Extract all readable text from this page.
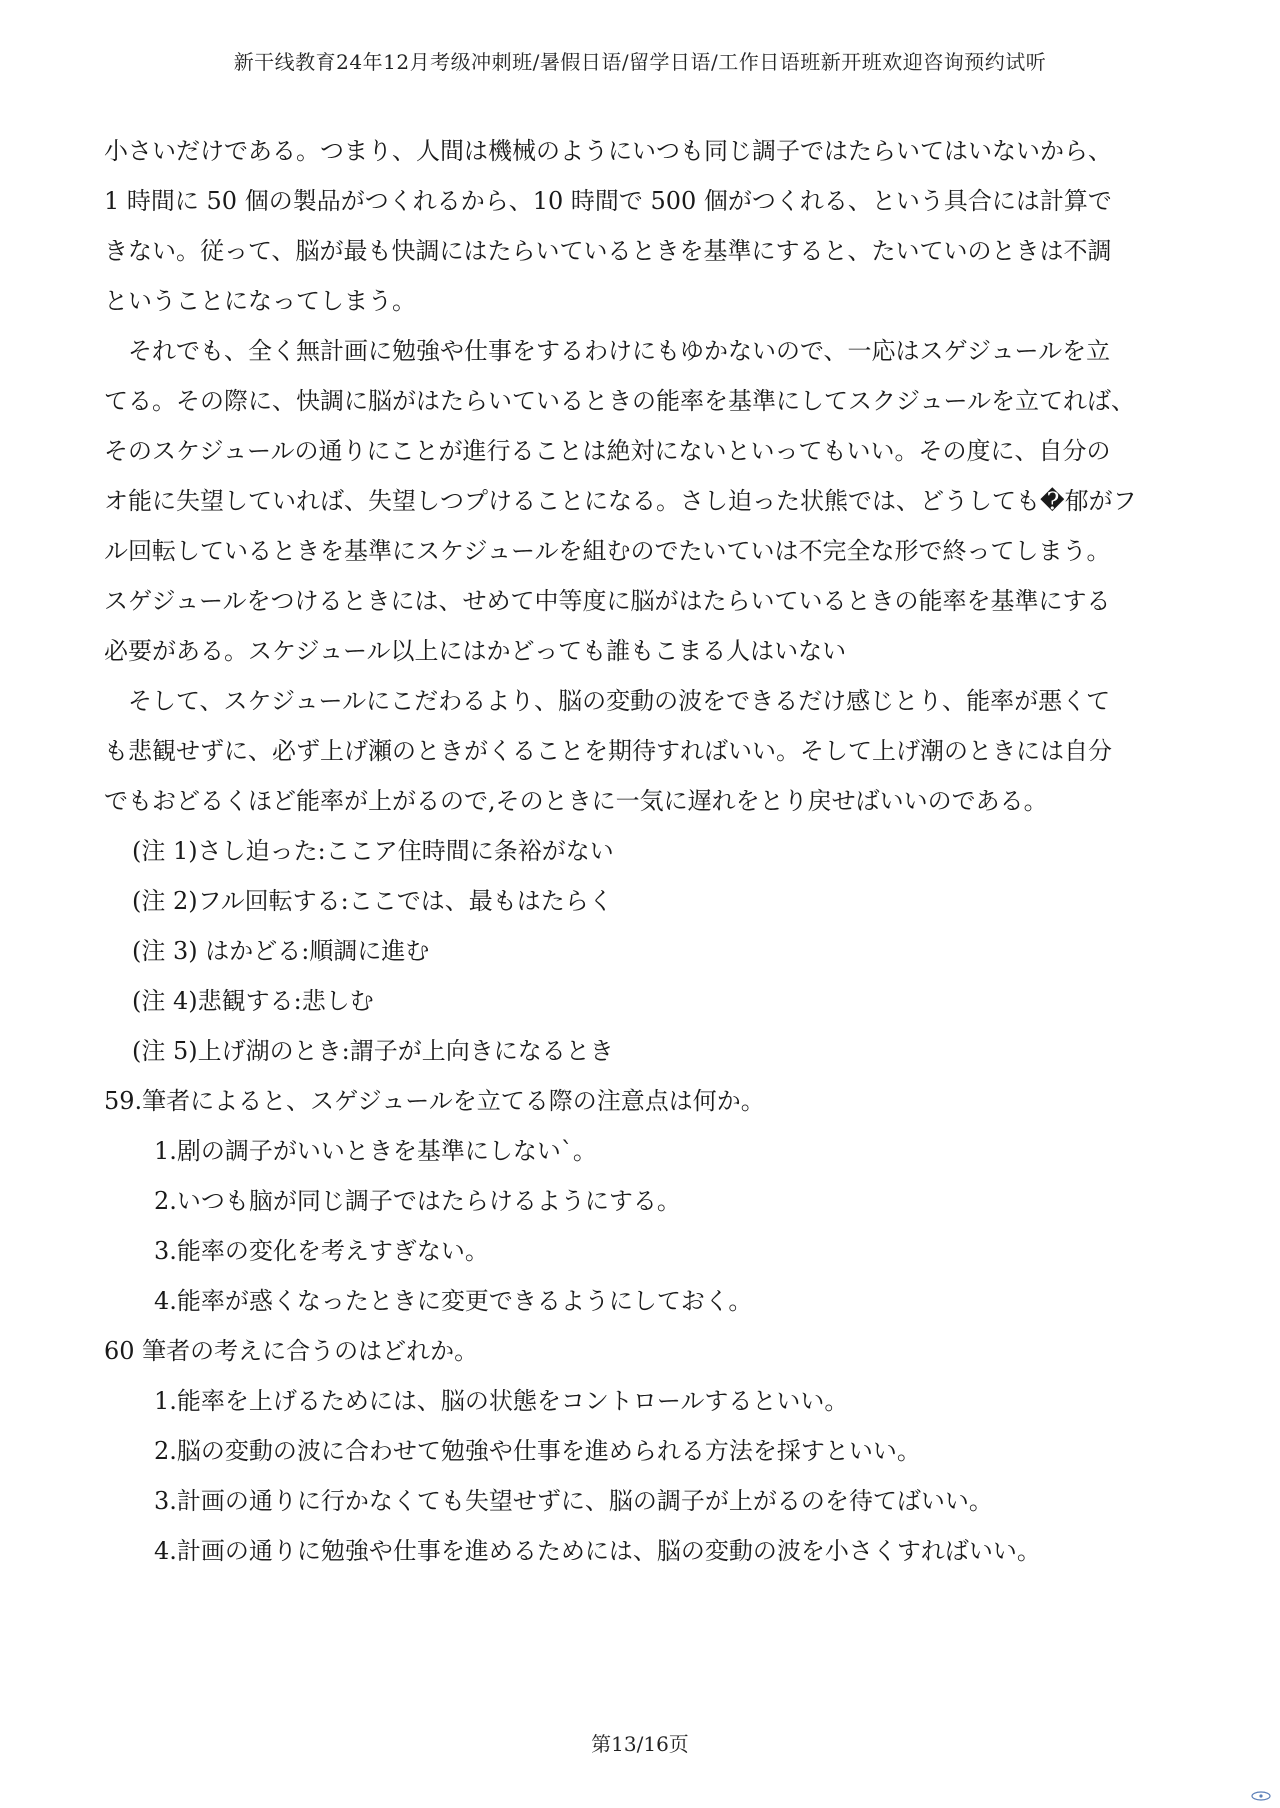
新干线教育24年12月考级冲刺班/暑假日语/留学日语/工作日语班新开班欢迎咨询预约试听

小さいだけである。つまり、人間は機械のようにいつも同じ調子ではたらいてはいないから、

1 時間に 50 個の製品がつくれるから、10 時間で 500 個がつくれる、という具合には計算で

きない。従って、脳が最も快調にはたらいているときを基準にすると、たいていのときは不調

ということになってしまう。

それでも、全く無計画に勉強や仕事をするわけにもゆかないので、一応はスゲジュールを立

てる。その際に、快調に脳がはたらいているときの能率を基準にしてスクジュールを立てれば、

そのスケジュールの通りにことが進行ることは絶対にないといってもいい。その度に、自分の

オ能に失望していれば、失望しつプけることになる。さし迫った状熊では、どうしても�郁がフ

ル回転しているときを基準にスケジュールを組むのでたいていは不完全な形で終ってしまう。

スゲジュールをつけるときには、せめて中等度に脳がはたらいているときの能率を基準にする

必要がある。スケジュール以上にはかどっても誰もこまる人はいない

そして、スケジュールにこだわるより、脳の変動の波をできるだけ感じとり、能率が悪くて

も悲観せずに、必ず上げ瀬のときがくることを期待すればいい。そして上げ潮のときには自分

でもおどるくほど能率が上がるので,そのときに一気に遅れをとり戻せばいいのである。

(注 1)さし迫った:ここア住時間に条裕がない

(注 2)フル回転する:ここでは、最もはたらく

(注 3) はかどる:順調に進む

(注 4)悲観する:悲しむ

(注 5)上げ湖のとき:謂子が上向きになるとき

59.筆者によると、スゲジュールを立てる際の注意点は何か。

1.剧の調子がいいときを基準にしない`。

2.いつも脑が同じ調子ではたらけるようにする。

3.能率の変化を考えすぎない。

4.能率が惑くなったときに変更できるようにしておく。

60 筆者の考えに合うのはどれか。

1.能率を上げるためには、脳の状態をコントロールするといい。

2.脳の変動の波に合わせて勉強や仕事を進められる方法を採すといい。

3.計画の通りに行かなくても失望せずに、脳の調子が上がるのを待てばいい。

4.計画の通りに勉強や仕事を進めるためには、脳の変動の波を小さくすればいい。

第13/16页
